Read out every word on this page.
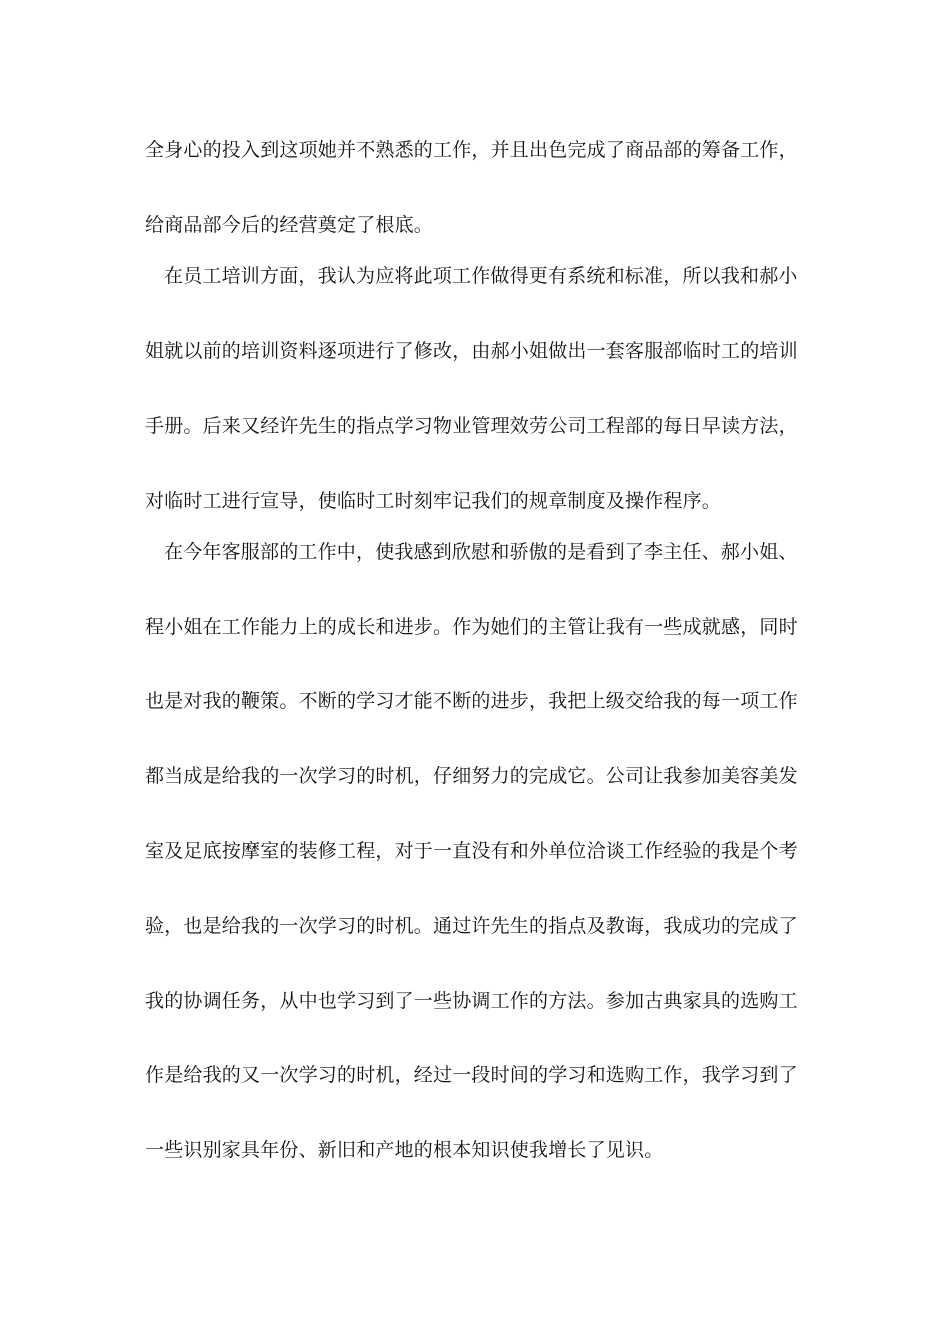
全身心的投入到这项她并不熟悉的工作，并且出色完成了商品部的筹备工作，
给商品部今后的经营奠定了根底。
在员工培训方面，我认为应将此项工作做得更有系统和标准，所以我和郝小
姐就以前的培训资料逐项进行了修改，由郝小姐做出一套客服部临时工的培训
手册。后来又经许先生的指点学习物业管理效劳公司工程部的每日早读方法，
对临时工进行宣导，使临时工时刻牢记我们的规章制度及操作程序。
在今年客服部的工作中，使我感到欣慰和骄傲的是看到了李主任、郝小姐、
程小姐在工作能力上的成长和进步。作为她们的主管让我有一些成就感，同时
也是对我的鞭策。不断的学习才能不断的进步，我把上级交给我的每一项工作
都当成是给我的一次学习的时机，仔细努力的完成它。公司让我参加美容美发
室及足底按摩室的装修工程，对于一直没有和外单位洽谈工作经验的我是个考
验，也是给我的一次学习的时机。通过许先生的指点及教诲，我成功的完成了
我的协调任务，从中也学习到了一些协调工作的方法。参加古典家具的选购工
作是给我的又一次学习的时机，经过一段时间的学习和选购工作，我学习到了
一些识别家具年份、新旧和产地的根本知识使我增长了见识。
